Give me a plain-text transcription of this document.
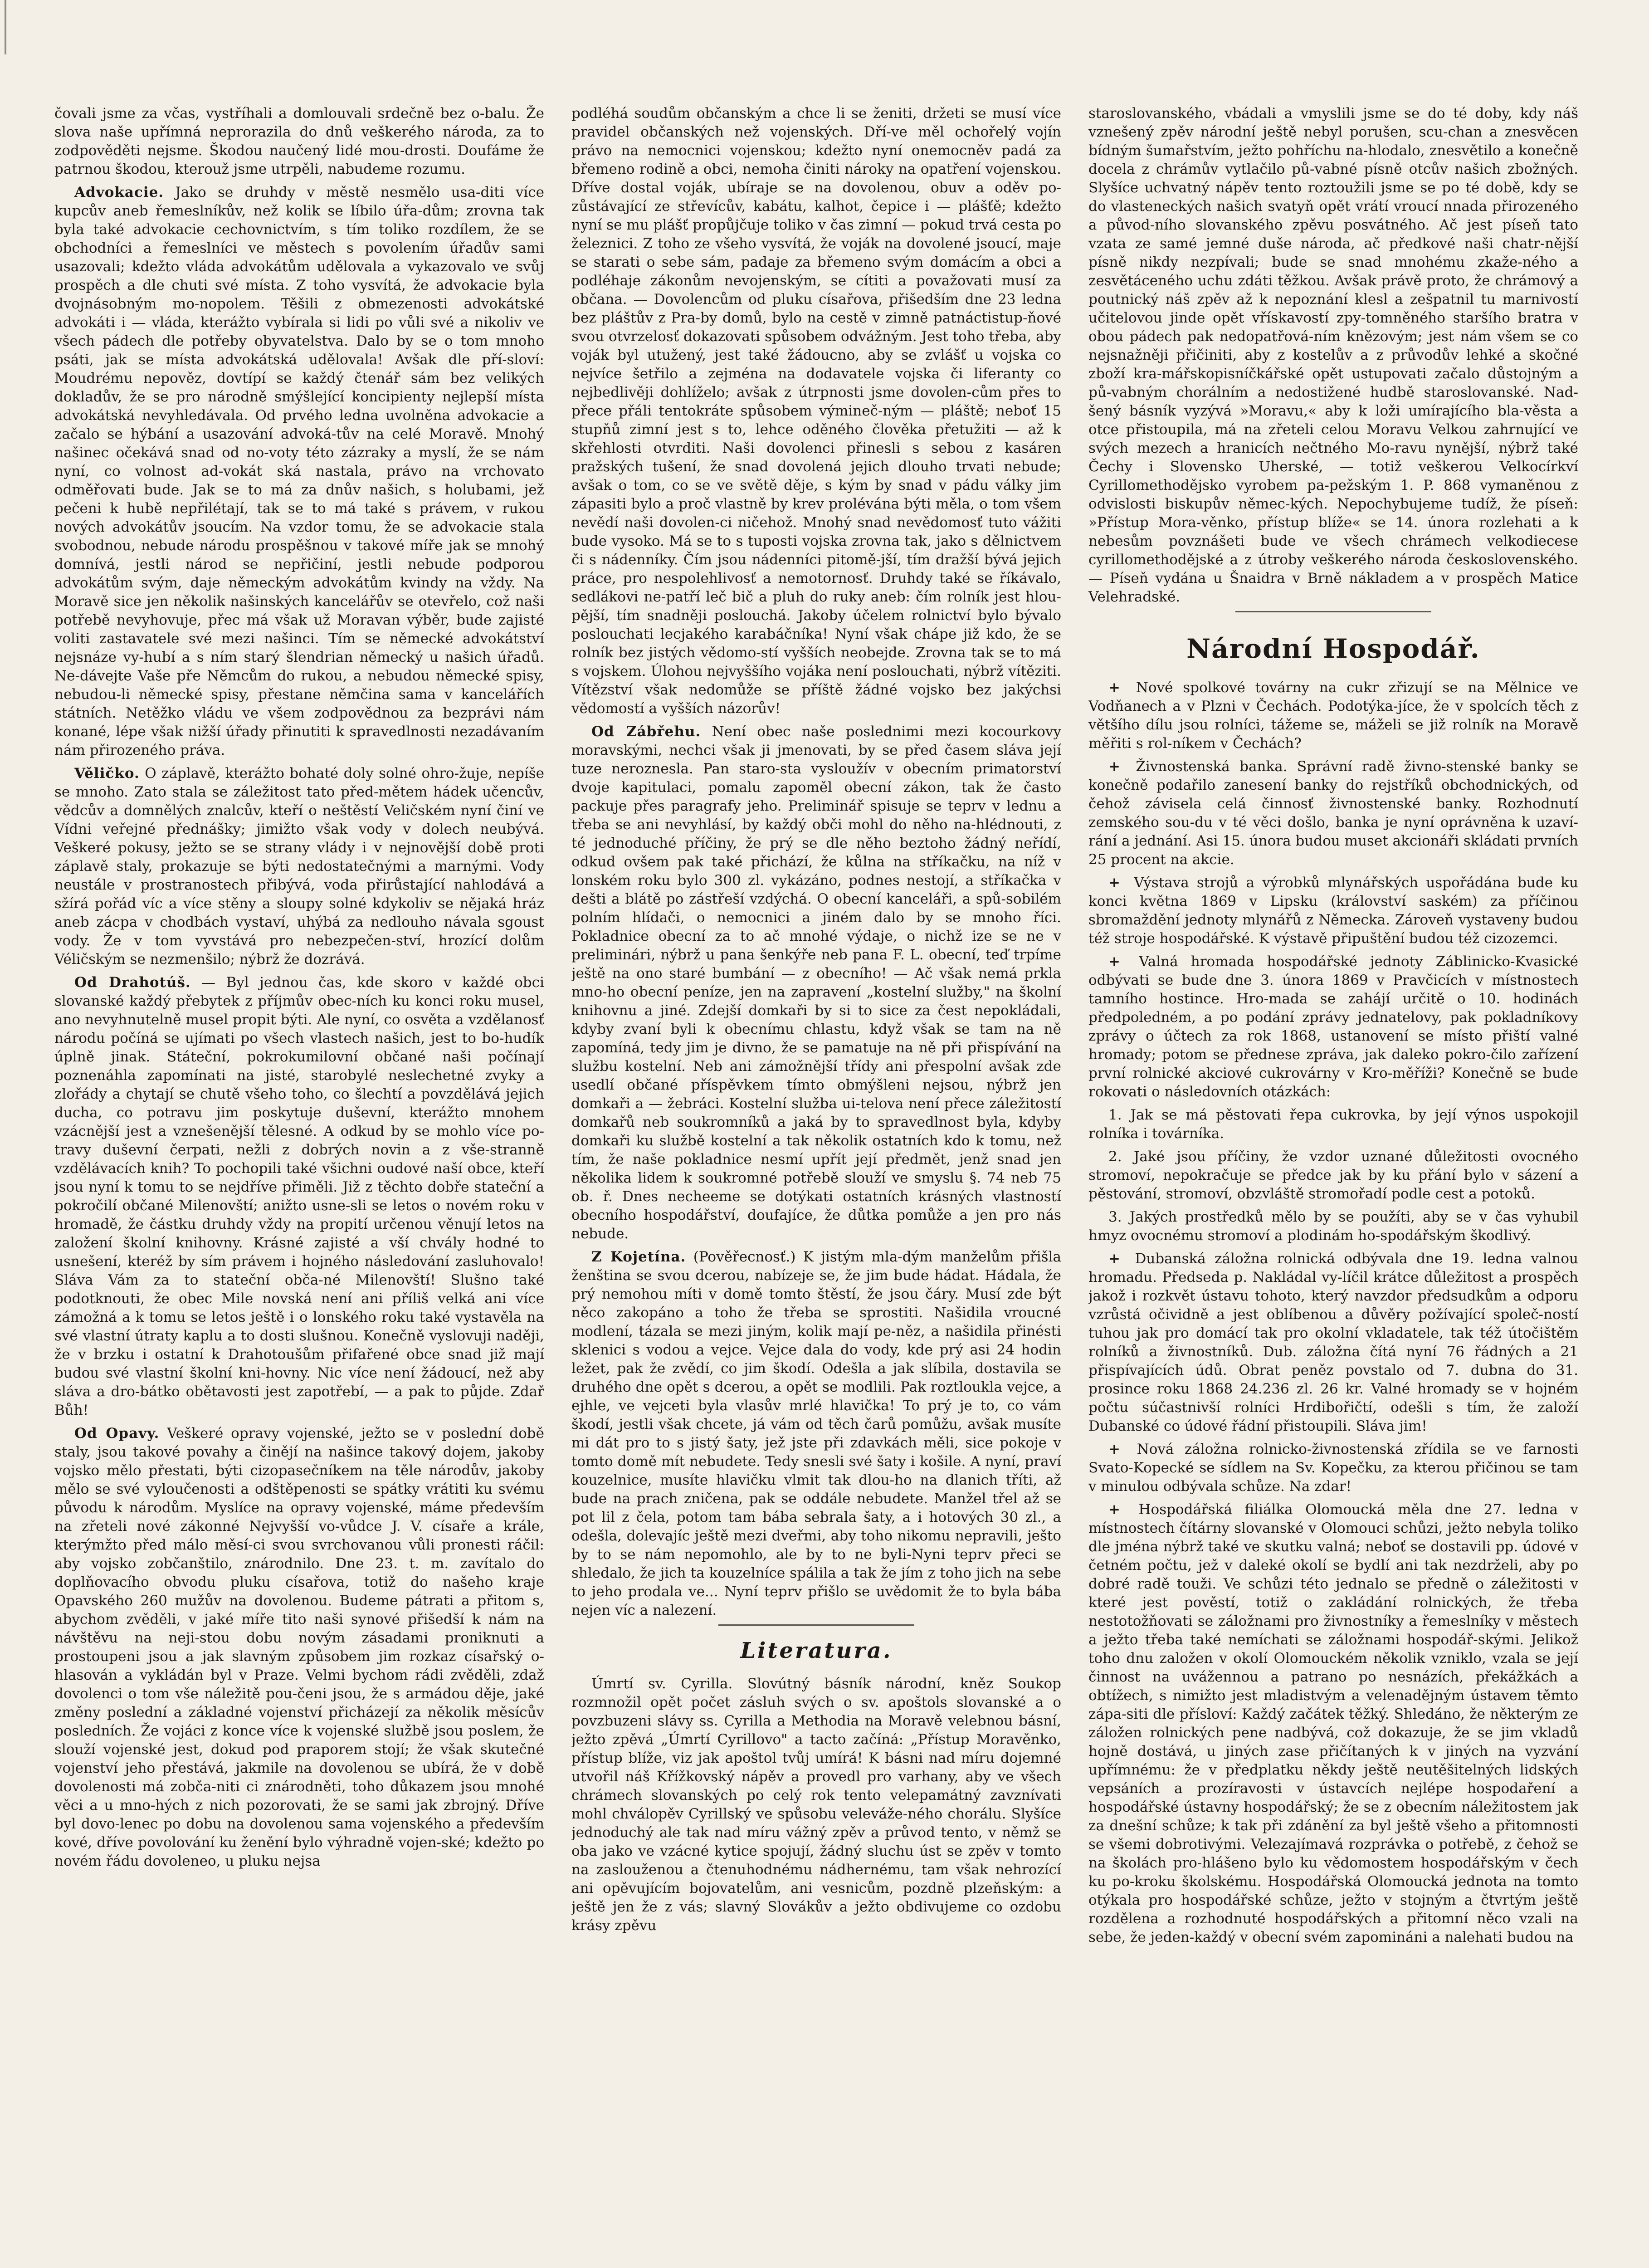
čovali jsme za včas, vystříhali a domlouvali srdečně bez o-balu. Že slova naše upřímná neprorazila do dnů veškerého národa, za to zodpověděti nejsme. Škodou naučený lidé mou-drosti. Doufáme že patrnou škodou, kterouž jsme utrpěli, nabudeme rozumu.

Advokacie. Jako se druhdy v městě nesmělo usa-diti více kupcův aneb řemeslníkův, než kolik se líbilo úřa-dům; zrovna tak byla také advokacie cechovnictvím, s tím toliko rozdílem, že se obchodníci a řemeslníci ve městech s povolením úřadův sami usazovali; kdežto vláda advokátům udělovala a vykazovalo ve svůj prospěch a dle chuti své místa. Z toho vysvítá, že advokacie byla dvojnásobným mo-nopolem. Těšili z obmezenosti advokátské advokáti i — vláda, kterážto vybírala si lidi po vůli své a nikoliv ve všech pádech dle potřeby obyvatelstva. Dalo by se o tom mnoho psáti, jak se místa advokátská udělovala! Avšak dle pří-sloví: Moudrému nepověz, dovtípí se každý čtenář sám bez velikých dokladův, že se pro národně smýšlející koncipienty nejlepší místa advokátská nevyhledávala. Od prvého ledna uvolněna advokacie a začalo se hýbání a usazování advoká-tův na celé Moravě. Mnohý našinec očekává snad od no-voty této zázraky a myslí, že se nám nyní, co volnost ad-vokát ská nastala, právo na vrchovato odměřovati bude. Jak se to má za dnův našich, s holubami, jež pečeni k hubě nepřilétají, tak se to má také s právem, v rukou nových advokátův jsoucím. Na vzdor tomu, že se advokacie stala svobodnou, nebude národu prospěšnou v takové míře jak se mnohý domnívá, jestli národ se nepřičiní, jestli nebude podporou advokátům svým, daje německým advokátům kvindy na vždy. Na Moravě sice jen několik našinských kancelářův se otevřelo, což naši potřebě nevyhovuje, přec má však už Moravan výběr, bude zajisté voliti zastavatele své mezi našinci. Tím se německé advokátství nejsnáze vy-hubí a s ním starý šlendrian německý u našich úřadů. Ne-dávejte Vaše pře Němcům do rukou, a nebudou německé spisy, nebudou-li německé spisy, přestane němčina sama v kancelářích státních. Netěžko vládu ve všem zodpovědnou za bezprávi nám konané, lépe však nižší úřady přinutiti k spravedlnosti nezadávaním nám přirozeného práva.

Věličko. O záplavě, kterážto bohaté doly solné ohro-žuje, nepíše se mnoho. Zato stala se záležitost tato před-mětem hádek učencův, vědcův a domnělých znalcův, kteří o neštěstí Veličském nyní činí ve Vídni veřejné přednášky; jimižto však vody v dolech neubývá. Veškeré pokusy, ježto se se strany vlády i v nejnovější době proti záplavě staly, prokazuje se býti nedostatečnými a marnými. Vody neustále v prostranostech přibývá, voda přirůstající nahlodává a sžírá pořád víc a více stěny a sloupy solné kdykoliv se nějaká hráz aneb zácpa v chodbách vystaví, uhýbá za nedlouho návala sgoust vody. Že v tom vyvstává pro nebezpečen-ství, hrozící dolům Véličským se nezmenšilo; nýbrž že dozrává.

Od Drahotúš. — Byl jednou čas, kde skoro v každé obci slovanské každý přebytek z příjmův obec-ních ku konci roku musel, ano nevyhnutelně musel propit býti. Ale nyní, co osvěta a vzdělanosť národu počíná se ujímati po všech vlastech našich, jest to bo-hudík úplně jinak. Státeční, pokrokumilovní občané naši počínají poznenáhla zapomínati na jisté, starobylé neslechetné zvyky a zlořády a chytají se chutě všeho toho, co šlechtí a povzdělává jejich ducha, co potravu jim poskytuje duševní, kterážto mnohem vzácnější jest a vznešenější tělesné. A odkud by se mohlo více po-travy duševní čerpati, nežli z dobrých novin a z vše-stranně vzdělávacích knih? To pochopili také všichni oudové naší obce, kteří jsou nyní k tomu to se nejdříve přiměli. Již z těchto dobře stateční a pokročilí občané Milenovští; anižto usne-sli se letos o novém roku v hromadě, že částku druhdy vždy na propití určenou věnují letos na založení školní knihovny. Krásné zajisté a vší chvály hodné to usnešení, kteréž by sím právem i hojného následování zasluhovalo! Sláva Vám za to stateční obča-né Milenovští! Slušno také podotknouti, že obec Mile novská není ani příliš velká ani více zámožná a k tomu se letos ještě i o lonského roku také vystavěla na své vlastní útraty kaplu a to dosti slušnou. Konečně vyslovuji naději, že v brzku i ostatní k Drahotoušům přifařené obce snad již mají budou své vlastní školní kni-hovny. Nic více není žádoucí, než aby sláva a dro-bátko obětavosti jest zapotřebí, — a pak to půjde. Zdař Bůh!

Od Opavy. Veškeré opravy vojenské, ježto se v poslední době staly, jsou takové povahy a činějí na našince takový dojem, jakoby vojsko mělo přestati, býti cizopasečníkem na těle národův, jakoby mělo se své vyloučenosti a odštěpenosti se spátky vrátiti ku svému původu k národům. Myslíce na opravy vojenské, máme především na zřeteli nové zákonné Nejvyšší vo-vůdce J. V. císaře a krále, kterýmžto před málo měsí-ci svou svrchovanou vůli pronesti ráčil: aby vojsko zobčanštilo, znárodnilo. Dne 23. t. m. zavítalo do doplňovacího obvodu pluku císařova, totiž do našeho kraje Opavského 260 mužův na dovolenou. Budeme pátrati a přitom s, abychom zvěděli, v jaké míře tito naši synové přišedší k nám na návštěvu na neji-stou dobu novým zásadami proniknuti a prostoupeni jsou a jak slavným způsobem jim rozkaz císařský o-hlasován a vykládán byl v Praze. Velmi bychom rádi zvěděli, zdaž dovolenci o tom vše náležitě pou-čeni jsou, že s armádou děje, jaké změny poslední a základné vojenství přicházejí za několik měsícův posledních. Že vojáci z konce více k vojenské službě jsou poslem, že slouží vojenské jest, dokud pod praporem stojí; že však skutečné vojenství jeho přestává, jakmile na dovolenou se ubírá, že v době dovolenosti má zobča-niti ci znárodněti, toho důkazem jsou mnohé věci a u mno-hých z nich pozorovati, že se sami jak zbrojný. Dříve byl dovo-lenec po dobu na dovolenou sama vojenského a především kové, dříve povolování ku ženění bylo výhradně vojen-ské; kdežto po novém řádu dovoleneo, u pluku nejsa

podléhá soudům občanským a chce li se ženiti, držeti se musí více pravidel občanských než vojenských. Dří-ve měl ochořelý vojín právo na nemocnici vojenskou; kdežto nyní onemocněv padá za břemeno rodině a obci, nemoha činiti nároky na opatření vojenskou. Dříve dostal voják, ubíraje se na dovolenou, obuv a oděv po-zůstávající ze střevícův, kabátu, kalhot, čepice i — plášťě; kdežto nyní se mu plášť propůjčuje toliko v čas zimní — pokud trvá cesta po železnici. Z toho ze všeho vysvítá, že voják na dovolené jsoucí, maje se starati o sebe sám, padaje za břemeno svým domácím a obci a podléhaje zákonům nevojenským, se cítiti a považovati musí za občana. — Dovolencům od pluku císařova, přišedším dne 23 ledna bez pláštův z Pra-by domů, bylo na cestě v zimně patnáctistup-ňové svou otvrzelosť dokazovati spůsobem odvážným. Jest toho třeba, aby voják byl utužený, jest také žádoucno, aby se zvlášť u vojska co nejvíce šetřilo a zejména na dodavatele vojska či liferanty co nejbedlivěji dohlíželo; avšak z útrpnosti jsme dovolen-cům přes to přece přáli tentokráte spůsobem výmineč-ným — pláště; neboť 15 stupňů zimní jest s to, lehce oděného člověka přetužiti — až k skřehlosti otvrditi. Naši dovolenci přinesli s sebou z kasáren pražských tušení, že snad dovolená jejich dlouho trvati nebude; avšak o tom, co se ve světě děje, s kým by snad v pádu války jim zápasiti bylo a proč vlastně by krev prolévána býti měla, o tom všem nevědí naši dovolen-ci ničehož. Mnohý snad nevědomosť tuto vážiti bude vysoko. Má se to s tuposti vojska zrovna tak, jako s dělnictvem či s nádenníky. Čím jsou nádenníci pitomě-jší, tím dražší bývá jejich práce, pro nespolehlivosť a nemotornosť. Druhdy také se říkávalo, sedlákovi ne-patří leč bič a pluh do ruky aneb: čím rolník jest hlou-pější, tím snadněji poslouchá. Jakoby účelem rolnictví bylo bývalo poslouchati lecjakého karabáčníka! Nyní však chápe již kdo, že se rolník bez jistých vědomo-stí vyšších neobejde. Zrovna tak se to má s vojskem. Úlohou nejvyššího vojáka není poslouchati, nýbrž vítěziti. Vítězství však nedomůže se příště žádné vojsko bez jakýchsi vědomostí a vyšších názorův!

Od Zábřehu. Není obec naše poslednimi mezi kocourkovy moravskými, nechci však ji jmenovati, by se před časem sláva její tuze nerozneslа. Pan staro-sta vysloužív v obecním primatorství dvoje kapitulaci, pomalu zapoměl obecní zákon, tak že často packuje přes paragrafy jeho. Preliminář spisuje se teprv v lednu a třeba se ani nevyhlásí, by každý obči mohl do něho na-hlédnouti, z té jednoduché příčiny, že prý se dle něho beztoho žádný neřídí, odkud ovšem pak také přichází, že kůlna na stříkačku, na níž v lonském roku bylo 300 zl. vykázáno, podnes nestojí, a stříkačka v dešti a blátě po zástřeší vzdýchá. O obecní kanceláři, a spů-sobilém polním hlídači, o nemocnici a jiném dalo by se mnoho říci. Pokladnice obecní za to ač mnohé výdaje, o nichž ize se ne v preliminári, nýbrž u pana šenkýře neb pana F. L. obecní, teď trpíme ještě na ono staré bumbání — z obecního! — Ač však nemá prkla mno-ho obecní peníze, jen na zapravení „kostelní služby," na školní knihovnu a jiné. Zdejší domkaři by si to sice za čest nepokládali, kdyby zvaní byli k obecnímu chlastu, když však se tam na ně zapomíná, tedy jim je divno, že se pamatuje na ně při přispívání na službu kostelní. Neb ani zámožnější třídy ani přespolní avšak zde usedlí občané příspěvkem tímto obmýšleni nejsou, nýbrž jen domkaři a — žebráci. Kostelní služba ui-telova není přece záležitostí domkařů neb soukromníků a jaká by to spravedlnost byla, kdyby domkaři ku službě kostelní a tak několik ostatních kdo k tomu, než tím, že naše pokladnice nesmí upřít její předmět, jenž snad jen několika lidem k soukromné potřebě slouží ve smyslu §. 74 neb 75 ob. ř. Dnes necheeme se dotýkati ostatních krásných vlastností obecního hospodářství, doufajíce, že důtka pomůže a jen pro nás nebude.

Z Kojetína. (Pověřecnosť.) K jistým mla-dým manželům přišla ženština se svou dcerou, nabízeje se, že jim bude hádat. Hádala, že prý nemohou míti v domě tomto štěstí, že jsou čáry. Musí zde být něco zakopáno a toho že třeba se sprostiti. Našidila vroucné modlení, tázala se mezi jiným, kolik mají pe-něz, a našidila přinésti sklenici s vodou a vejce. Vejce dala do vody, kde prý asi 24 hodin ležet, pak že zvědí, co jim škodí. Odešla a jak slíbila, dostavila se druhého dne opět s dcerou, a opět se modlili. Pak roztloukla vejce, a ejhle, ve vejceti byla vlasův mrlé hlavička! To prý je to, co vám škodí, jestli však chcete, já vám od těch čarů pomůžu, avšak musíte mi dát pro to s jistý šaty, jež jste při zdavkách měli, sice pokoje v tomto domě mít nebudete. Tedy snesli své šaty i košile. A nyní, praví kouzelnice, musíte hlavičku vlmit tak dlou-ho na dlanich tříti, až bude na prach zničena, pak se oddále nebudete. Manžel třel až se pot lil z čela, potom tam bába sebrala šaty, a i hotových 30 zl., a odešla, dolevajíc ještě mezi dveřmi, aby toho nikomu nepravili, ješto by to se nám nepomohlo, ale by to ne byli-Nyni teprv přeci se shledalo, že jich ta kouzelníce spálila a tak že jím z toho jich na sebe to jeho prodala ve... Nyní teprv přišlo se uvědomit že to byla bába nejen víc a nalezení.

Literatura.

Úmrtí sv. Cyrilla. Slovútný básník národní, kněz Soukop rozmnožil opět počet zásluh svých o sv. apoštols slovanské a o povzbuzeni slávy ss. Cyrilla a Methodia na Moravě velebnou básní, ježto zpěvá „Úmrtí Cyrillovo" a tacto začíná: „Přístup Moravěnko, přístup blíže, viz jak apoštol tvůj umírá! K básni nad míru dojemné utvořil náš Křížkovský nápěv a provedl pro varhany, aby ve všech chrámech slovanských po celý rok tento velepamátný zavznívati mohl chválopěv Cyrillský ve spůsobu veleváže-ného chorálu. Slyšíce jednoduchý ale tak nad míru vážný zpěv a průvod tento, v němž se oba jako ve vzácné kytice spojují, žádný sluchu úst se zpěv v tomto na zaslouženou a čtenuhodnému nádhernému, tam však nehrozící ani opěvujícím bojovatelům, ani vesnicům, pozdně plzeňským: a ještě jen že z vás; slavný Slovákův a ježto obdivujeme co ozdobu krásy zpěvu

staroslovanského, vbádali a vmyslili jsme se do té doby, kdy náš vznešený zpěv národní ještě nebyl porušen, scu-chan a znesvěcen bídným šumařstvím, ježto pohříchu na-hlodalo, znesvětilo a konečně docela z chrámův vytlačilo pů-vabné písně otcův našich zbožných. Slyšíce uchvatný nápěv tento roztoužili jsme se po té době, kdy se do vlasteneckých našich svatyň opět vrátí vroucí nnada přirozeného a původ-ního slovanského zpěvu posvátného. Ač jest píseň tato vzata ze samé jemné duše národa, ač předkové naši chatr-nější písně nikdy nezpívali; bude se snad mnohému zkaže-ného a zesvětáceného uchu zdáti těžkou. Avšak právě proto, že chrámový a poutnický náš zpěv až k nepoznání klesl a zešpatnil tu marnivostí učitelovou jinde opět vřískavostí zpy-tomněného staršího bratra v obou pádech pak nedopatřová-ním knězovým; jest nám všem se co nejsnažněji přičiniti, aby z kostelův a z průvodův lehké a skočné zboží kra-mářskopisníčkářské opět ustupovati začalo důstojným a pů-vabným chorálním a nedostižené hudbě staroslovanské. Nad-šený básník vyzývá »Moravu,« aby k loži umírajícího bla-věsta a otce přistoupila, má na zřeteli celou Moravu Velkou zahrnující ve svých mezech a hranicích nečtného Mo-ravu nynější, nýbrž také Čechy i Slovensko Uherské, — totiž veškerou Velkocírkví Cyrillomethodějsko vyrobem pa-pežským 1. P. 868 vymaněnou z odvislosti biskupův němec-kých. Nepochybujeme tudíž, že píseň: »Přístup Mora-věnko, přístup blíže« se 14. února rozlehati a k nebesům povznášeti bude ve všech chrámech velkodiecese cyrillomethodějské a z útroby veškerého národa československého. — Píseň vydána u Šnaidra v Brně nákladem a v prospěch Matice Velehradské.

Národní Hospodář.

+ Nové spolkové továrny na cukr zřizují se na Mělnice ve Vodňanech a v Plzni v Čechách. Podotýka-jíce, že v spolcích těch z většího dílu jsou rolníci, tážeme se, máželi se již rolník na Moravě měřiti s rol-níkem v Čechách?

+ Živnostenská banka. Správní radě živno-stenské banky se konečně podařilo zanesení banky do rejstříků obchodnických, od čehož závisela celá činnosť živnostenské banky. Rozhodnutí zemského sou-du v té věci došlo, banka je nyní oprávněna k uzaví-rání a jednání. Asi 15. února budou muset akcionáři skládati prvních 25 procent na akcie.

+ Výstava strojů a výrobků mlynářských uspořádána bude ku konci května 1869 v Lipsku (království saském) za příčinou sbromaždění jednoty mlynářů z Německa. Zároveň vystaveny budou též stroje hospodářské. K výstavě připuštění budou též cizozemci.

+ Valná hromada hospodářské jednoty Záblinicko-Kvasické odbývati se bude dne 3. února 1869 v Pravčicích v místnostech tamního hostince. Hro-mada se zahájí určitě o 10. hodinách předpoledném, a po podání zprávy jednatelovy, pak pokladníkovy zprávy o účtech za rok 1868, ustanovení se místo přiští valné hromady; potom se přednese zpráva, jak daleko pokro-čilo zařízení první rolnické akciové cukrovárny v Kro-měříži? Konečně se bude rokovati o následovních otázkách:

1. Jak se má pěstovati řepa cukrovka, by její výnos uspokojil rolníka i továrníka.

2. Jaké jsou příčiny, že vzdor uznané důležitosti ovocného stromoví, nepokračuje se předce jak by ku přání bylo v sázení a pěstování, stromoví, obzvláště stromořadí podle cest a potoků.

3. Jakých prostředků mělo by se použíti, aby se v čas vyhubil hmyz ovocnému stromoví a plodinám ho-spodářským škodlivý.

+ Dubanská záložna rolnická odbývala dne 19. ledna valnou hromadu. Předseda p. Nakládal vy-líčil krátce důležitost a prospěch jakož i rozkvět ústavu tohoto, který navzdor předsudkům a odporu vzrůstá očividně a jest oblíbenou a důvěry požívající společ-ností tuhou jak pro domácí tak pro okolní vkladatele, tak též útočištěm rolníků a živnostníků. Dub. záložna čítá nyní 76 řádných a 21 přispívajících údů. Obrat peněz povstalo od 7. dubna do 31. prosince roku 1868 24.236 zl. 26 kr. Valné hromady se v hojném počtu súčastnivší rolníci Hrdibořičtí, odešli s tím, že založí Dubanské co údové řádní přistoupili. Sláva jim!

+ Nová záložna rolnicko-živnostenská zřídila se ve farnosti Svato-Kopecké se sídlem na Sv. Kopečku, za kterou přičinou se tam v minulou odbývala schůze. Na zdar!

+ Hospodářská filiálka Olomoucká měla dne 27. ledna v místnostech čítárny slovanské v Olomouci schůzi, ježto nebyla toliko dle jména nýbrž také ve skutku valná; neboť se dostavili pp. údové v četném počtu, jež v daleké okolí se bydlí ani tak nezdrželi, aby po dobré radě touži. Ve schůzi této jednalo se předně o záležitosti v které jest pověstí, totiž o zakládání rolnických, že třeba nestotožňovati se záložnami pro živnostníky a řemeslníky v městech a ježto třeba také nemíchati se záložnami hospodář-skými. Jelikož toho dnu založen v okolí Olomouckém několik vzniklo, vzala se její činnost na uvážennou a patrano po nesnázích, překážkách a obtížech, s nimižto jest mladistvým a velenadějným ústavem těmto zápa-siti dle přísloví: Každý začátek těžký. Shledáno, že některým ze záložen rolnických pene nadbývá, což dokazuje, že se jim vkladů hojně dostává, u jiných zase přičítaných k v jiných na vyzvání upřímnému: že v předplatku někdy ještě neutěšitelných lidských vepsáních a prozíravosti v ústavcích nejlépe hospodaření a hospodářské ústavny hospodářský; že se z obecním náležitostem jak za dnešní schůze; k tak při zdánění za byl ještě všeho a přitomnosti se všemi dobrotivými. Velezajímavá rozprávka o potřebě, z čehož se na školách pro-hlášeno bylo ku vědomostem hospodářským v čech ku po-kroku školskému. Hospodářská Olomoucká jednota na tomto otýkala pro hospodářské schůze, ježto v stojným a čtvrtým ještě rozdělena a rozhodnuté hospodářských a přitomní něco vzali na sebe, že jeden-každý v obecní svém zapomináni a nalehati budou na
